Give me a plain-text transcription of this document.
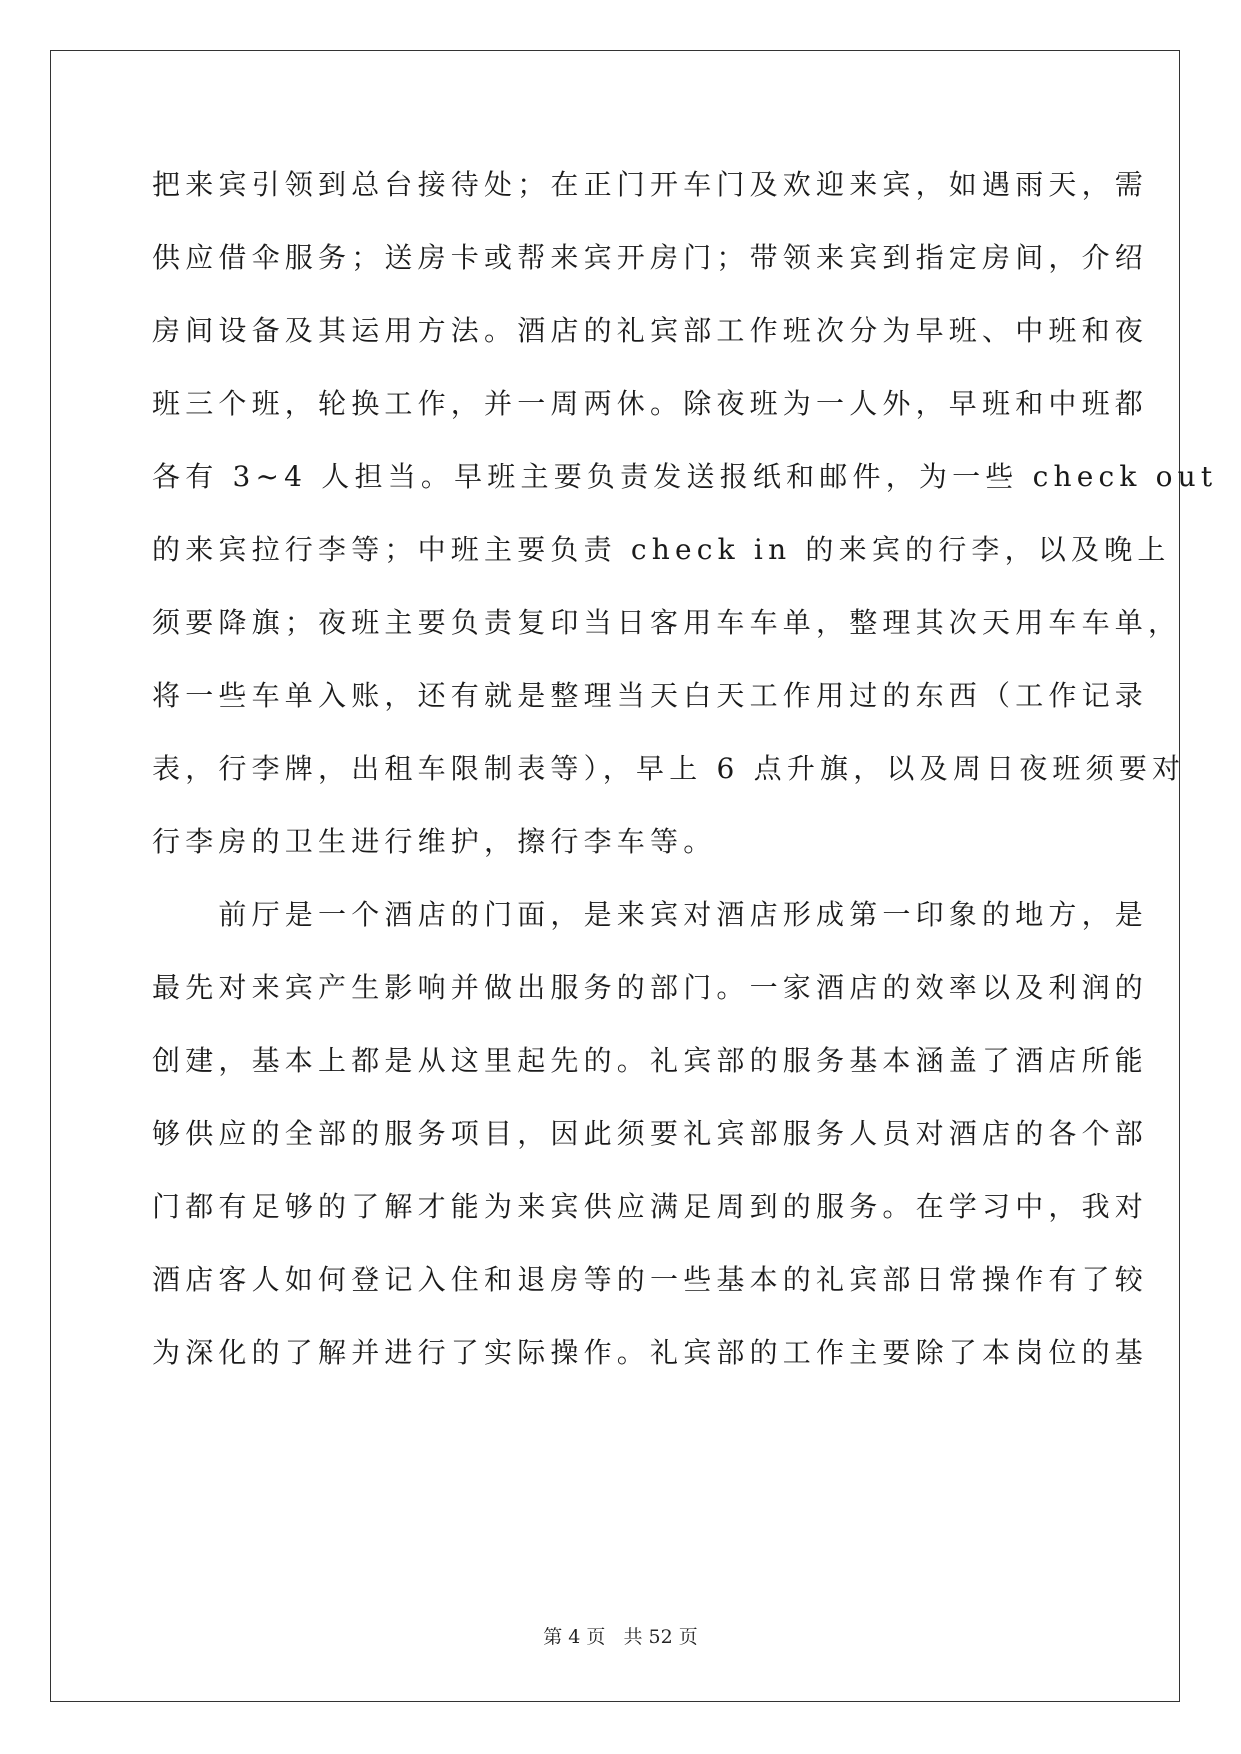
把来宾引领到总台接待处；在正门开车门及欢迎来宾，如遇雨天，需
供应借伞服务；送房卡或帮来宾开房门；带领来宾到指定房间，介绍
房间设备及其运用方法。酒店的礼宾部工作班次分为早班、中班和夜
班三个班，轮换工作，并一周两休。除夜班为一人外，早班和中班都
各有 3~4 人担当。早班主要负责发送报纸和邮件，为一些 check out
的来宾拉行李等；中班主要负责 check in 的来宾的行李，以及晚上
须要降旗；夜班主要负责复印当日客用车车单，整理其次天用车车单，
将一些车单入账，还有就是整理当天白天工作用过的东西（工作记录
表，行李牌，出租车限制表等），早上 6 点升旗，以及周日夜班须要对
行李房的卫生进行维护，擦行李车等。
　　前厅是一个酒店的门面，是来宾对酒店形成第一印象的地方，是
最先对来宾产生影响并做出服务的部门。一家酒店的效率以及利润的
创建，基本上都是从这里起先的。礼宾部的服务基本涵盖了酒店所能
够供应的全部的服务项目，因此须要礼宾部服务人员对酒店的各个部
门都有足够的了解才能为来宾供应满足周到的服务。在学习中，我对
酒店客人如何登记入住和退房等的一些基本的礼宾部日常操作有了较
为深化的了解并进行了实际操作。礼宾部的工作主要除了本岗位的基
第 4 页 共 52 页
